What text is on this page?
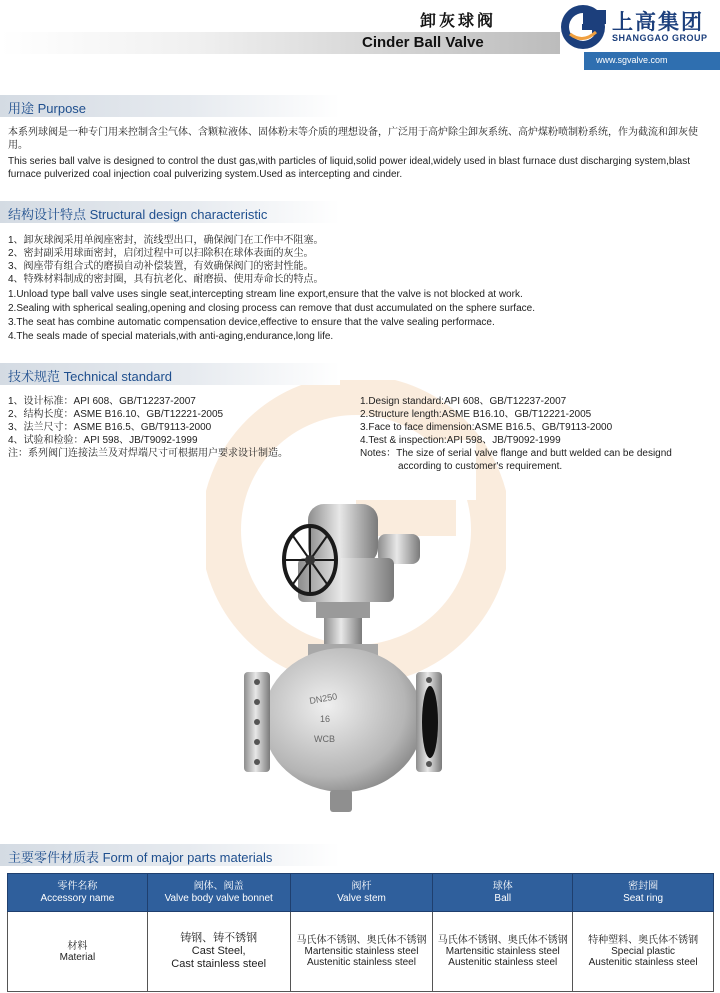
卸灰球阀
Cinder Ball Valve
上高集团
SHANGGAO GROUP
www.sgvalve.com
用途 Purpose
本系列球阀是一种专门用来控制含尘气体、含颗粒液体、固体粉末等介质的理想设备，广泛用于高炉除尘卸灰系统、高炉煤粉喷制粉系统，作为截流和卸灰使用。
This series ball valve is designed to control the dust gas,with particles of liquid,solid power ideal,widely used in blast furnace dust discharging system,blast furnace pulverized coal injection coal pulverizing system.Used as intercepting and cinder.
结构设计特点 Structural design characteristic
1、卸灰球阀采用单阀座密封，流线型出口，确保阀门在工作中不阻塞。
2、密封副采用球面密封，启闭过程中可以扫除积在球体表面的灰尘。
3、阀座带有组合式的磨损自动补偿装置，有效确保阀门的密封性能。
4、特殊材料制成的密封圈，具有抗老化、耐磨损、使用寿命长的特点。
1.Unload type ball valve uses single seat,intercepting stream line export,ensure that the valve is not blocked at work.
2.Sealing with spherical sealing,opening and closing process can remove that dust accumulated on the sphere surface.
3.The seat has combine automatic compensation device,effective to ensure that the valve sealing performace.
4.The seals made of special materials,with anti-aging,endurance,long life.
技术规范 Technical standard
1、设计标准：API 608、GB/T12237-2007
2、结构长度：ASME B16.10、GB/T12221-2005
3、法兰尺寸：ASME B16.5、GB/T9113-2000
4、试验和检验：API 598、JB/T9092-1999
注：系列阀门连接法兰及对焊端尺寸可根据用户要求设计制造。
1.Design standard:API 608、GB/T12237-2007
2.Structure length:ASME B16.10、GB/T12221-2005
3.Face to face dimension:ASME B16.5、GB/T9113-2000
4.Test & inspection:API 598、JB/T9092-1999
Notes：The size of serial valve flange and butt welded can be designd
according to customer's requirement.
DN250
16
WCB
主要零件材质表 Form of major parts materials
零件名称
Accessory name	阀体、阀盖
Valve body valve bonnet	阀杆
Valve stem	球体
Ball	密封圈
Seat ring

材料
Material	铸钢、铸不锈钢
Cast Steel,
Cast stainless steel	马氏体不锈钢、奥氏体不锈钢
Martensitic stainless steel
Austenitic stainless steel	马氏体不锈钢、奥氏体不锈钢
Martensitic stainless steel
Austenitic stainless steel	特种塑料、奥氏体不锈钢
Special plastic
Austenitic stainless steel
